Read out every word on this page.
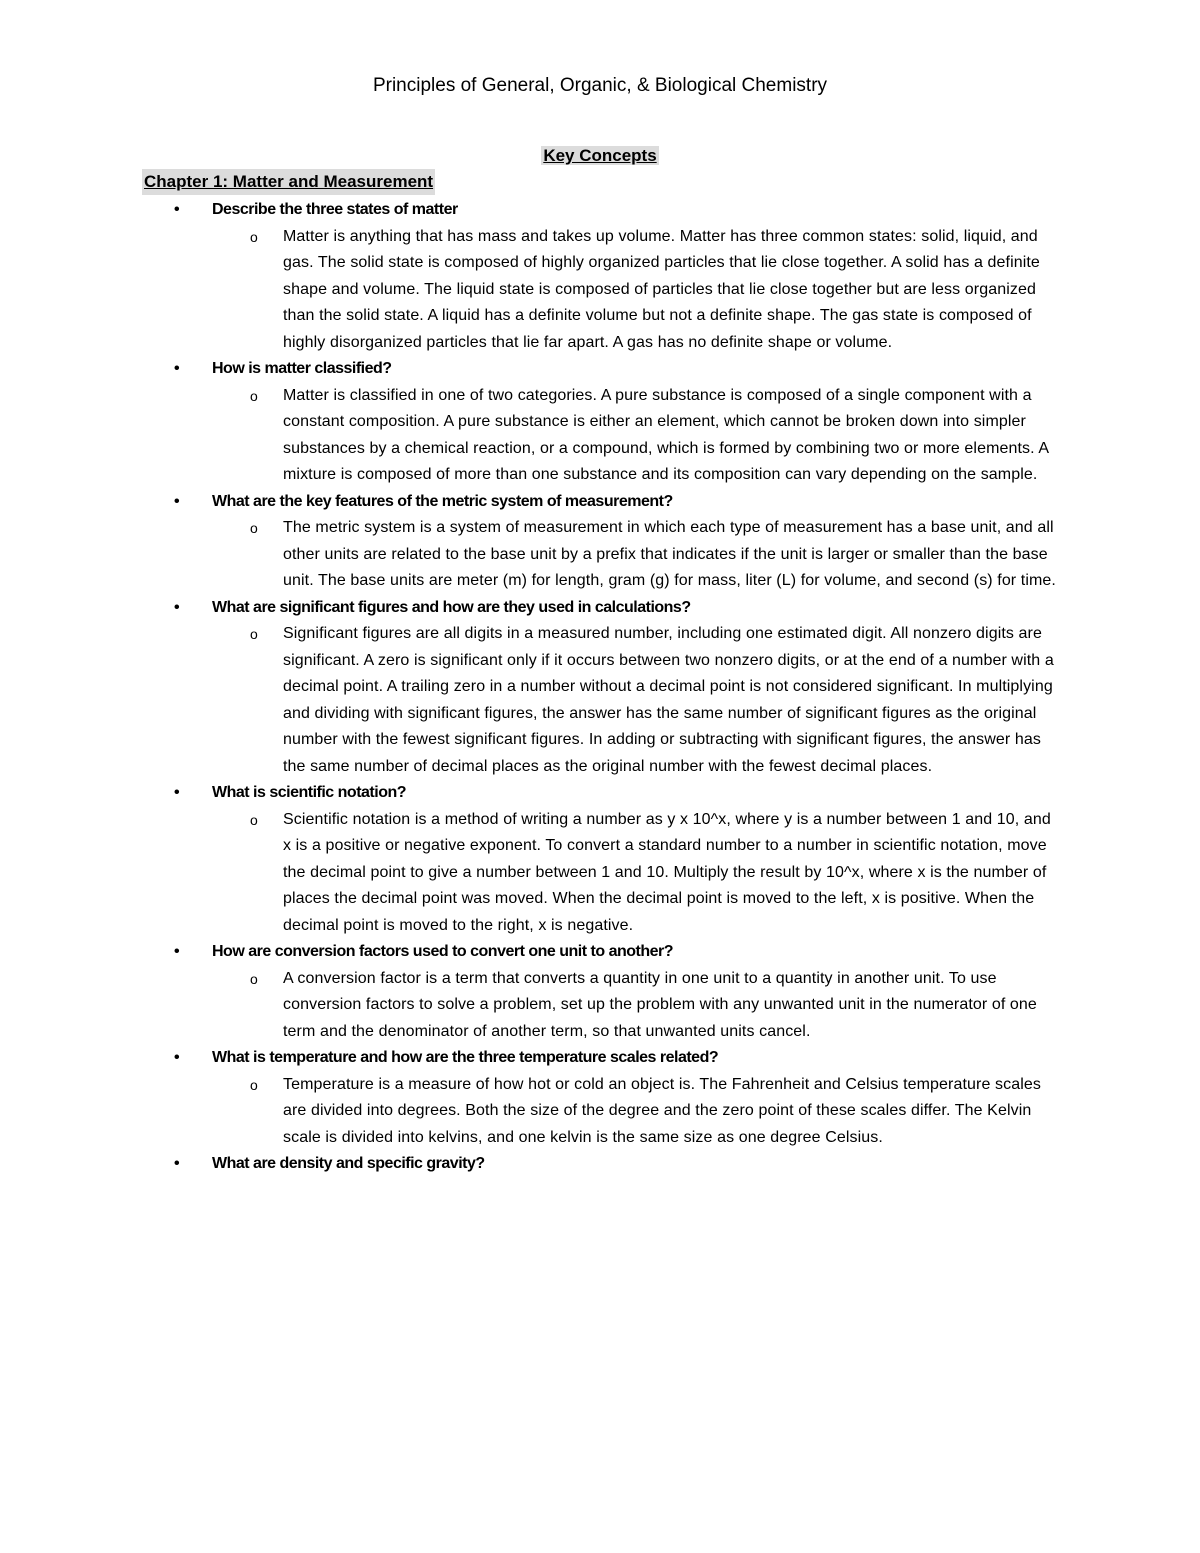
Principles of General, Organic, & Biological Chemistry
Key Concepts
Chapter 1: Matter and Measurement
• Describe the three states of matter
o Matter is anything that has mass and takes up volume. Matter has three common states: solid, liquid, and gas. The solid state is composed of highly organized particles that lie close together. A solid has a definite shape and volume. The liquid state is composed of particles that lie close together but are less organized than the solid state. A liquid has a definite volume but not a definite shape. The gas state is composed of highly disorganized particles that lie far apart. A gas has no definite shape or volume.
• How is matter classified?
o Matter is classified in one of two categories. A pure substance is composed of a single component with a constant composition. A pure substance is either an element, which cannot be broken down into simpler substances by a chemical reaction, or a compound, which is formed by combining two or more elements. A mixture is composed of more than one substance and its composition can vary depending on the sample.
• What are the key features of the metric system of measurement?
o The metric system is a system of measurement in which each type of measurement has a base unit, and all other units are related to the base unit by a prefix that indicates if the unit is larger or smaller than the base unit. The base units are meter (m) for length, gram (g) for mass, liter (L) for volume, and second (s) for time.
• What are significant figures and how are they used in calculations?
o Significant figures are all digits in a measured number, including one estimated digit. All nonzero digits are significant. A zero is significant only if it occurs between two nonzero digits, or at the end of a number with a decimal point. A trailing zero in a number without a decimal point is not considered significant. In multiplying and dividing with significant figures, the answer has the same number of significant figures as the original number with the fewest significant figures. In adding or subtracting with significant figures, the answer has the same number of decimal places as the original number with the fewest decimal places.
• What is scientific notation?
o Scientific notation is a method of writing a number as y x 10^x, where y is a number between 1 and 10, and x is a positive or negative exponent. To convert a standard number to a number in scientific notation, move the decimal point to give a number between 1 and 10. Multiply the result by 10^x, where x is the number of places the decimal point was moved. When the decimal point is moved to the left, x is positive. When the decimal point is moved to the right, x is negative.
• How are conversion factors used to convert one unit to another?
o A conversion factor is a term that converts a quantity in one unit to a quantity in another unit. To use conversion factors to solve a problem, set up the problem with any unwanted unit in the numerator of one term and the denominator of another term, so that unwanted units cancel.
• What is temperature and how are the three temperature scales related?
o Temperature is a measure of how hot or cold an object is. The Fahrenheit and Celsius temperature scales are divided into degrees. Both the size of the degree and the zero point of these scales differ. The Kelvin scale is divided into kelvins, and one kelvin is the same size as one degree Celsius.
• What are density and specific gravity?
